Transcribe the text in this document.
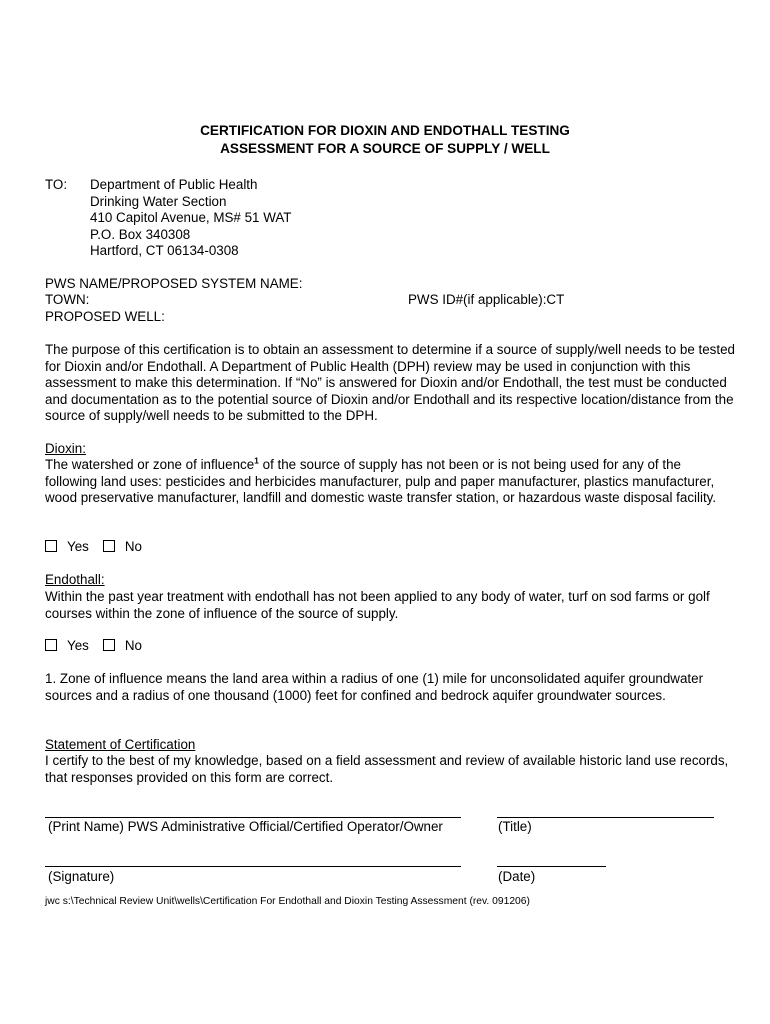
CERTIFICATION FOR DIOXIN AND ENDOTHALL TESTING
ASSESSMENT FOR A SOURCE OF SUPPLY / WELL
TO: Department of Public Health
Drinking Water Section
410 Capitol Avenue, MS# 51 WAT
P.O. Box 340308
Hartford, CT 06134-0308
PWS NAME/PROPOSED SYSTEM NAME:
TOWN:	PWS ID#(if applicable):CT
PROPOSED WELL:
The purpose of this certification is to obtain an assessment to determine if a source of supply/well needs to be tested for Dioxin and/or Endothall. A Department of Public Health (DPH) review may be used in conjunction with this assessment to make this determination. If “No” is answered for Dioxin and/or Endothall, the test must be conducted and documentation as to the potential source of Dioxin and/or Endothall and its respective location/distance from the source of supply/well needs to be submitted to the DPH.
Dioxin:
The watershed or zone of influence$^1$ of the source of supply has not been or is not being used for any of the following land uses: pesticides and herbicides manufacturer, pulp and paper manufacturer, plastics manufacturer, wood preservative manufacturer, landfill and domestic waste transfer station, or hazardous waste disposal facility.
Yes	No
Endothall:
Within the past year treatment with endothall has not been applied to any body of water, turf on sod farms or golf courses within the zone of influence of the source of supply.
Yes	No
1. Zone of influence means the land area within a radius of one (1) mile for unconsolidated aquifer groundwater sources and a radius of one thousand (1000) feet for confined and bedrock aquifer groundwater sources.
Statement of Certification
I certify to the best of my knowledge, based on a field assessment and review of available historic land use records, that responses provided on this form are correct.
(Print Name) PWS Administrative Official/Certified Operator/Owner	(Title)
(Signature)	(Date)
jwc s:\Technical Review Unit\wells\Certification For Endothall and Dioxin Testing Assessment (rev. 091206)
